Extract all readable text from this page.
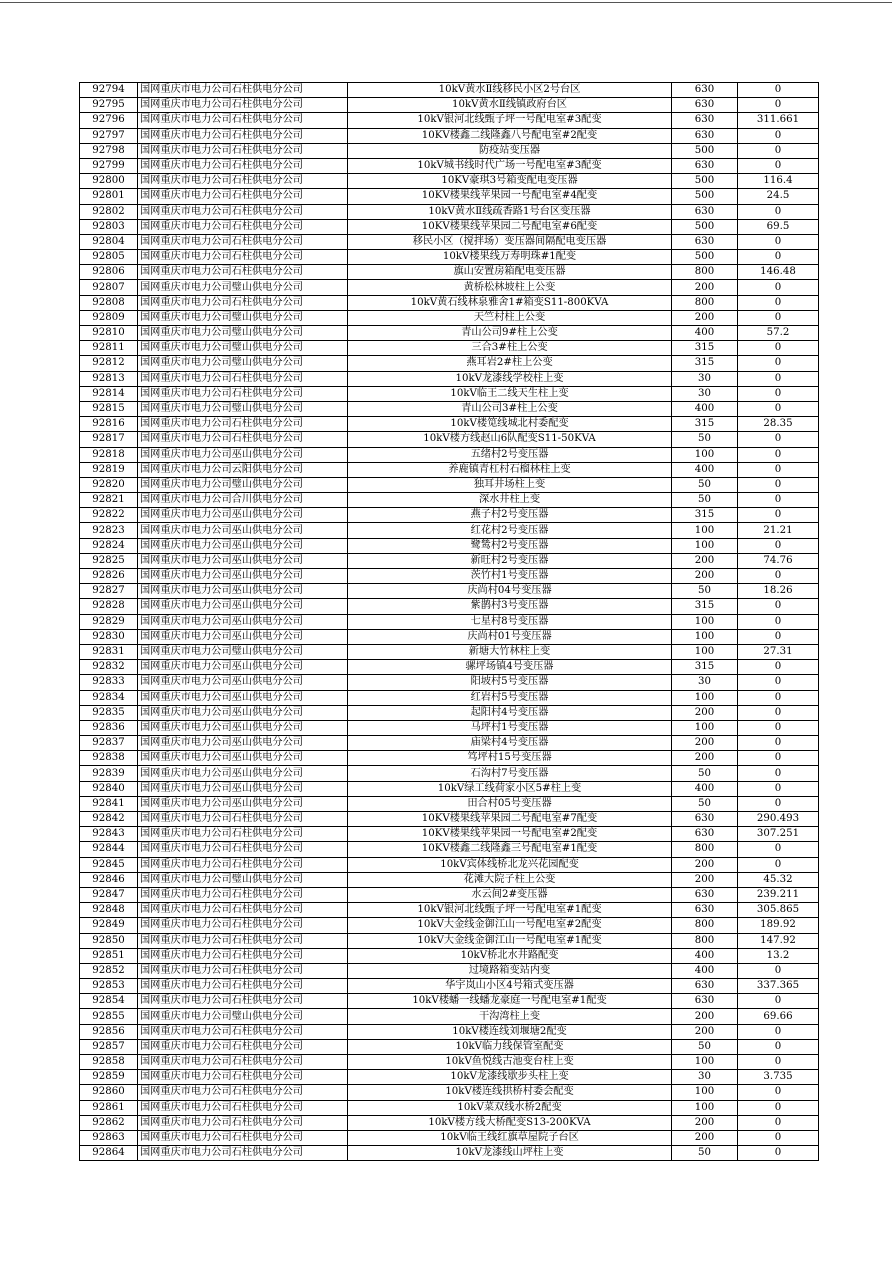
92794	国网重庆市电力公司石柱供电分公司	10kV黄水Ⅱ线移民小区2号台区	630	0
92795	国网重庆市电力公司石柱供电分公司	10kV黄水Ⅱ线镇政府台区	630	0
92796	国网重庆市电力公司石柱供电分公司	10kV银河北线甄子坪一号配电室#3配变	630	311.661
92797	国网重庆市电力公司石柱供电分公司	10KV楼鑫二线隆鑫八号配电室#2配变	630	0
92798	国网重庆市电力公司石柱供电分公司	防疫站变压器	500	0
92799	国网重庆市电力公司石柱供电分公司	10kV城书线时代广场一号配电室#3配变	630	0
92800	国网重庆市电力公司石柱供电分公司	10KV豪琪3号箱变配电变压器	500	116.4
92801	国网重庆市电力公司石柱供电分公司	10KV楼果线苹果园一号配电室#4配变	500	24.5
92802	国网重庆市电力公司石柱供电分公司	10kV黄水Ⅱ线疏香路1号台区变压器	630	0
92803	国网重庆市电力公司石柱供电分公司	10KV楼果线苹果园二号配电室#6配变	500	69.5
92804	国网重庆市电力公司石柱供电分公司	移民小区（搅拌场）变压器间隔配电变压器	630	0
92805	国网重庆市电力公司石柱供电分公司	10kV楼果线万寿明珠#1配变	500	0
92806	国网重庆市电力公司石柱供电分公司	旗山安置房箱配电变压器	800	146.48
92807	国网重庆市电力公司璧山供电分公司	黄桥松林坡柱上公变	200	0
92808	国网重庆市电力公司石柱供电分公司	10kV黄石线林泉雅舍1#箱变S11-800KVA	800	0
92809	国网重庆市电力公司璧山供电分公司	天竺村柱上公变	200	0
92810	国网重庆市电力公司璧山供电分公司	青山公司9#柱上公变	400	57.2
92811	国网重庆市电力公司璧山供电分公司	三合3#柱上公变	315	0
92812	国网重庆市电力公司璧山供电分公司	燕耳岩2#柱上公变	315	0
92813	国网重庆市电力公司石柱供电分公司	10kV龙漆线学校柱上变	30	0
92814	国网重庆市电力公司石柱供电分公司	10kV临王二线天生柱上变	30	0
92815	国网重庆市电力公司璧山供电分公司	青山公司3#柱上公变	400	0
92816	国网重庆市电力公司石柱供电分公司	10kV楼笕线城北村委配变	315	28.35
92817	国网重庆市电力公司石柱供电分公司	10kV楼方线赵山6队配变S11-50KVA	50	0
92818	国网重庆市电力公司巫山供电分公司	五绪村2号变压器	100	0
92819	国网重庆市电力公司云阳供电分公司	养鹿镇青杠村石榴林柱上变	400	0
92820	国网重庆市电力公司璧山供电分公司	独耳井场柱上变	50	0
92821	国网重庆市电力公司合川供电分公司	深水井柱上变	50	0
92822	国网重庆市电力公司巫山供电分公司	燕子村2号变压器	315	0
92823	国网重庆市电力公司巫山供电分公司	红花村2号变压器	100	21.21
92824	国网重庆市电力公司巫山供电分公司	鹭鸶村2号变压器	100	0
92825	国网重庆市电力公司巫山供电分公司	新旺村2号变压器	200	74.76
92826	国网重庆市电力公司巫山供电分公司	茨竹村1号变压器	200	0
92827	国网重庆市电力公司巫山供电分公司	庆尚村04号变压器	50	18.26
92828	国网重庆市电力公司巫山供电分公司	紫鹊村3号变压器	315	0
92829	国网重庆市电力公司巫山供电分公司	七星村8号变压器	100	0
92830	国网重庆市电力公司巫山供电分公司	庆尚村01号变压器	100	0
92831	国网重庆市电力公司璧山供电分公司	新塘大竹林柱上变	100	27.31
92832	国网重庆市电力公司巫山供电分公司	骡坪场镇4号变压器	315	0
92833	国网重庆市电力公司巫山供电分公司	阳坡村5号变压器	30	0
92834	国网重庆市电力公司巫山供电分公司	红岩村5号变压器	100	0
92835	国网重庆市电力公司巫山供电分公司	起阳村4号变压器	200	0
92836	国网重庆市电力公司巫山供电分公司	马坪村1号变压器	100	0
92837	国网重庆市电力公司巫山供电分公司	庙梁村4号变压器	200	0
92838	国网重庆市电力公司巫山供电分公司	笃坪村15号变压器	200	0
92839	国网重庆市电力公司巫山供电分公司	石沟村7号变压器	50	0
92840	国网重庆市电力公司巫山供电分公司	10kV绿工线荷家小区5#柱上变	400	0
92841	国网重庆市电力公司巫山供电分公司	田合村05号变压器	50	0
92842	国网重庆市电力公司石柱供电分公司	10KV楼果线苹果园二号配电室#7配变	630	290.493
92843	国网重庆市电力公司石柱供电分公司	10KV楼果线苹果园一号配电室#2配变	630	307.251
92844	国网重庆市电力公司石柱供电分公司	10KV楼鑫二线隆鑫三号配电室#1配变	800	0
92845	国网重庆市电力公司石柱供电分公司	10kV宾体线桥北龙兴花园配变	200	0
92846	国网重庆市电力公司璧山供电分公司	花滩大院子柱上公变	200	45.32
92847	国网重庆市电力公司石柱供电分公司	水云间2#变压器	630	239.211
92848	国网重庆市电力公司石柱供电分公司	10kV银河北线甄子坪一号配电室#1配变	630	305.865
92849	国网重庆市电力公司石柱供电分公司	10kV大金线金御江山一号配电室#2配变	800	189.92
92850	国网重庆市电力公司石柱供电分公司	10kV大金线金御江山一号配电室#1配变	800	147.92
92851	国网重庆市电力公司石柱供电分公司	10kV桥北水井路配变	400	13.2
92852	国网重庆市电力公司石柱供电分公司	过境路箱变站内变	400	0
92853	国网重庆市电力公司石柱供电分公司	华宇岚山小区4号箱式变压器	630	337.365
92854	国网重庆市电力公司石柱供电分公司	10kV楼蟠一线蟠龙豪庭一号配电室#1配变	630	0
92855	国网重庆市电力公司璧山供电分公司	干沟湾柱上变	200	69.66
92856	国网重庆市电力公司石柱供电分公司	10kV楼连线刘堰塘2配变	200	0
92857	国网重庆市电力公司石柱供电分公司	10kV临力线保管室配变	50	0
92858	国网重庆市电力公司石柱供电分公司	10kV鱼悦线古池变台柱上变	100	0
92859	国网重庆市电力公司石柱供电分公司	10kV龙漆线歇步头柱上变	30	3.735
92860	国网重庆市电力公司石柱供电分公司	10kV楼连线拱桥村委会配变	100	0
92861	国网重庆市电力公司石柱供电分公司	10kV菜双线水桥2配变	100	0
92862	国网重庆市电力公司石柱供电分公司	10kV楼方线大桥配变S13-200KVA	200	0
92863	国网重庆市电力公司石柱供电分公司	10kV临王线红旗草屋院子台区	200	0
92864	国网重庆市电力公司石柱供电分公司	10kV龙漆线山坪柱上变	50	0
